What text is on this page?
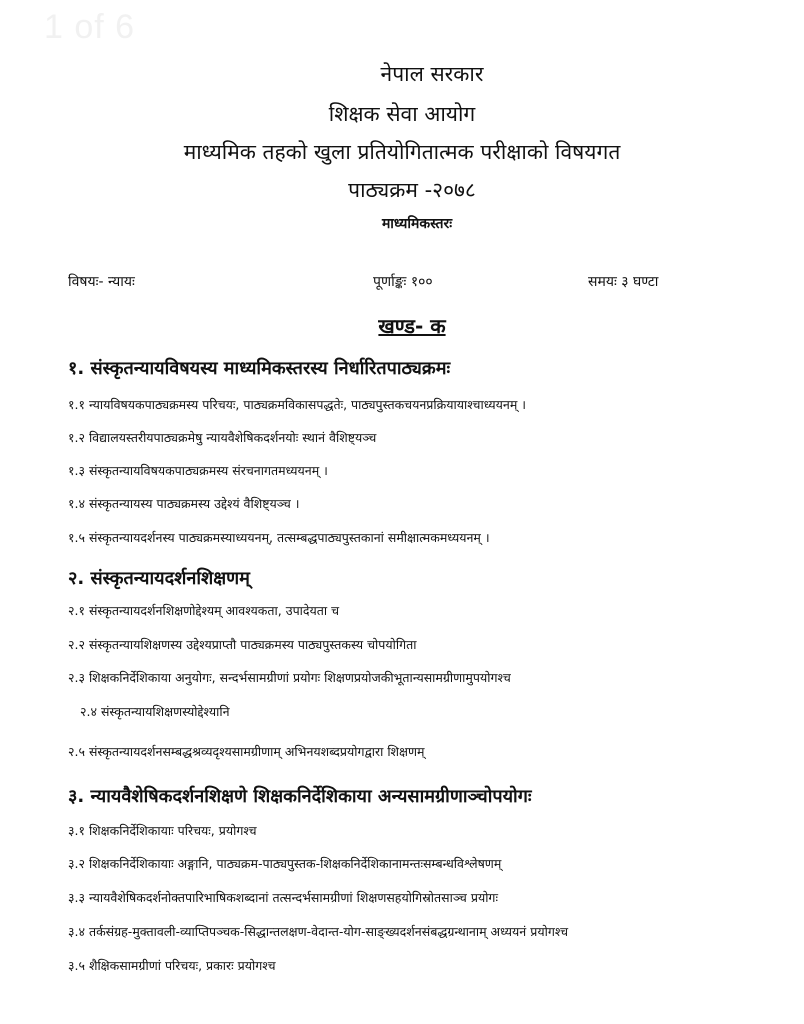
1 of 6
नेपाल सरकार
शिक्षक सेवा आयोग
माध्यमिक तहको खुला प्रतियोगितात्मक परीक्षाको विषयगत
पाठ्यक्रम -२०७८
माध्यमिकस्तरः
विषयः- न्यायः	पूर्णाङ्कः १००	समयः ३ घण्टा
खण्ड- क
१. संस्कृतन्यायविषयस्य माध्यमिकस्तरस्य निर्धारितपाठ्यक्रमः
१.१ न्यायविषयकपाठ्यक्रमस्य परिचयः, पाठ्यक्रमविकासपद्धतेः, पाठ्यपुस्तकचयनप्रक्रियायाश्चाध्ययनम् ।
१.२ विद्यालयस्तरीयपाठ्यक्रमेषु न्यायवैशेषिकदर्शनयोः स्थानं वैशिष्ट्यञ्च
१.३ संस्कृतन्यायविषयकपाठ्यक्रमस्य संरचनागतमध्ययनम् ।
१.४ संस्कृतन्यायस्य पाठ्यक्रमस्य उद्देश्यं वैशिष्ट्यञ्च ।
१.५ संस्कृतन्यायदर्शनस्य पाठ्यक्रमस्याध्ययनम्, तत्सम्बद्धपाठ्यपुस्तकानां समीक्षात्मकमध्ययनम् ।
२. संस्कृतन्यायदर्शनशिक्षणम्
२.१ संस्कृतन्यायदर्शनशिक्षणोद्देश्यम् आवश्यकता, उपादेयता च
२.२ संस्कृतन्यायशिक्षणस्य उद्देश्यप्राप्तौ पाठ्यक्रमस्य पाठ्यपुस्तकस्य चोपयोगिता
२.३ शिक्षकनिर्देशिकाया अनुयोगः, सन्दर्भसामग्रीणां प्रयोगः शिक्षणप्रयोजकीभूतान्यसामग्रीणामुपयोगश्च
२.४ संस्कृतन्यायशिक्षणस्योद्देश्यानि
२.५ संस्कृतन्यायदर्शनसम्बद्धश्रव्यदृश्यसामग्रीणाम् अभिनयशब्दप्रयोगद्वारा शिक्षणम्
३. न्यायवैशेषिकदर्शनशिक्षणे शिक्षकनिर्देशिकाया अन्यसामग्रीणाञ्चोपयोगः
३.१ शिक्षकनिर्देशिकायाः परिचयः, प्रयोगश्च
३.२ शिक्षकनिर्देशिकायाः अङ्गानि, पाठ्यक्रम-पाठ्यपुस्तक-शिक्षकनिर्देशिकानामन्तःसम्बन्धविश्लेषणम्
३.३ न्यायवैशेषिकदर्शनोक्तपारिभाषिकशब्दानां तत्सन्दर्भसामग्रीणां शिक्षणसहयोगिस्रोतसाञ्च प्रयोगः
३.४ तर्कसंग्रह-मुक्तावली-व्याप्तिपञ्चक-सिद्धान्तलक्षण-वेदान्त-योग-साङ्ख्यदर्शनसंबद्धग्रन्थानाम् अध्ययनं प्रयोगश्च
३.५ शैक्षिकसामग्रीणां परिचयः, प्रकारः प्रयोगश्च
